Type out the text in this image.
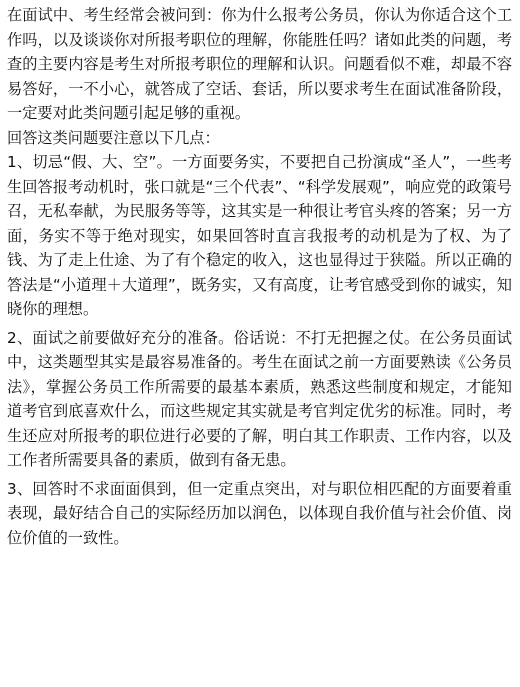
在面试中、考生经常会被问到：你为什么报考公务员，你认为你适合这个工作吗，以及谈谈你对所报考职位的理解，你能胜任吗？诸如此类的问题，考查的主要内容是考生对所报考职位的理解和认识。问题看似不难，却最不容易答好，一不小心，就答成了空话、套话，所以要求考生在面试准备阶段，一定要对此类问题引起足够的重视。

回答这类问题要注意以下几点：

1、切忌“假、大、空”。一方面要务实，不要把自己扮演成“圣人”，一些考生回答报考动机时，张口就是“三个代表”、“科学发展观”，响应党的政策号召，无私奉献，为民服务等等，这其实是一种很让考官头疼的答案；另一方面，务实不等于绝对现实，如果回答时直言我报考的动机是为了权、为了钱、为了走上仕途、为了有个稳定的收入，这也显得过于狭隘。所以正确的答法是“小道理＋大道理”，既务实，又有高度，让考官感受到你的诚实，知晓你的理想。

2、面试之前要做好充分的准备。俗话说：不打无把握之仗。在公务员面试中，这类题型其实是最容易准备的。考生在面试之前一方面要熟读《公务员法》，掌握公务员工作所需要的最基本素质，熟悉这些制度和规定，才能知道考官到底喜欢什么，而这些规定其实就是考官判定优劣的标准。同时，考生还应对所报考的职位进行必要的了解，明白其工作职责、工作内容，以及工作者所需要具备的素质，做到有备无患。

3、回答时不求面面俱到，但一定重点突出，对与职位相匹配的方面要着重表现，最好结合自己的实际经历加以润色，以体现自我价值与社会价值、岗位价值的一致性。
